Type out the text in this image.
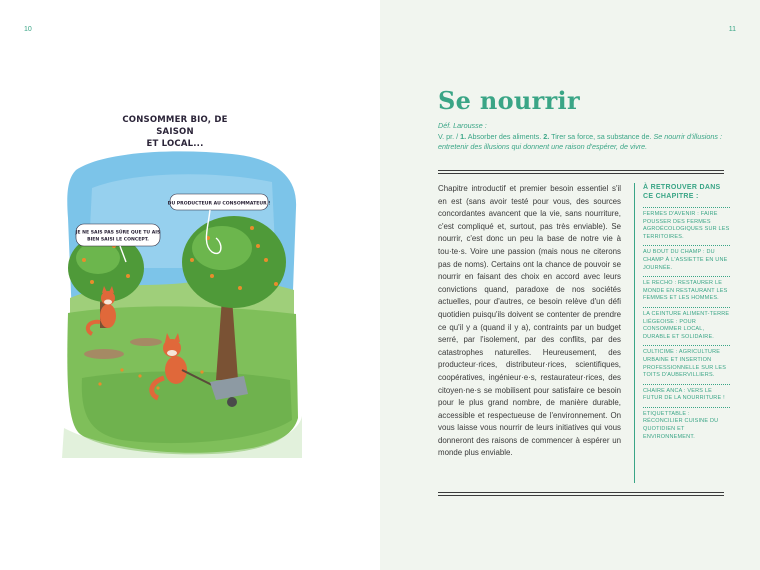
10
CONSOMMER BIO, DE SAISON
ET LOCAL...
DU PRODUCTEUR AU CONSOMMATEUR !
JE NE SAIS PAS SÛRE QUE TU AIS
BIEN SAISI LE CONCEPT.
11
Se nourrir
Déf. Larousse :
V. pr. / 1. Absorber des aliments. 2. Tirer sa force, sa substance de. Se nourrir d'illusions : entretenir des illusions qui donnent une raison d'espérer, de vivre.

Chapitre introductif et premier besoin essentiel s'il en est (sans avoir testé pour vous, des sources concordantes avancent que la vie, sans nourriture, c'est compliqué et, surtout, pas très enviable). Se nourrir, c'est donc un peu la base de notre vie à tou·te·s. Voire une passion (mais nous ne citerons pas de noms). Certains ont la chance de pouvoir se nourrir en faisant des choix en accord avec leurs convictions quand, paradoxe de nos sociétés actuelles, pour d'autres, ce besoin relève d'un défi quotidien puisqu'ils doivent se contenter de prendre ce qu'il y a (quand il y a), contraints par un budget serré, par l'isolement, par des conflits, par des catastrophes naturelles. Heureusement, des producteur·rices, distributeur·rices, scientifiques, coopératives, ingénieur·e·s, restaurateur·rices, des citoyen·ne·s se mobilisent pour satisfaire ce besoin pour le plus grand nombre, de manière durable, accessible et respectueuse de l'environnement. On vous laisse vous nourrir de leurs initiatives qui vous donneront des raisons de commencer à espérer un monde plus enviable.

À RETROUVER DANS CE CHAPITRE :
FERMES D'AVENIR : FAIRE POUSSER DES FERMES AGROÉCOLOGIQUES SUR LES TERRITOIRES.
AU BOUT DU CHAMP : DU CHAMP À L'ASSIETTE EN UNE JOURNÉE.
LE RECHO : RESTAURER LE MONDE EN RESTAURANT LES FEMMES ET LES HOMMES.
LA CEINTURE ALIMENT-TERRE LIÉGEOISE : POUR CONSOMMER LOCAL, DURABLE ET SOLIDAIRE.
CULTICIME : AGRICULTURE URBAINE ET INSERTION PROFESSIONNELLE SUR LES TOITS D'AUBERVILLIERS.
CHAIRE ANCA : VERS LE FUTUR DE LA NOURRITURE !
ETIQUETTABLE : RÉCONCILIER CUISINE DU QUOTIDIEN ET ENVIRONNEMENT.
